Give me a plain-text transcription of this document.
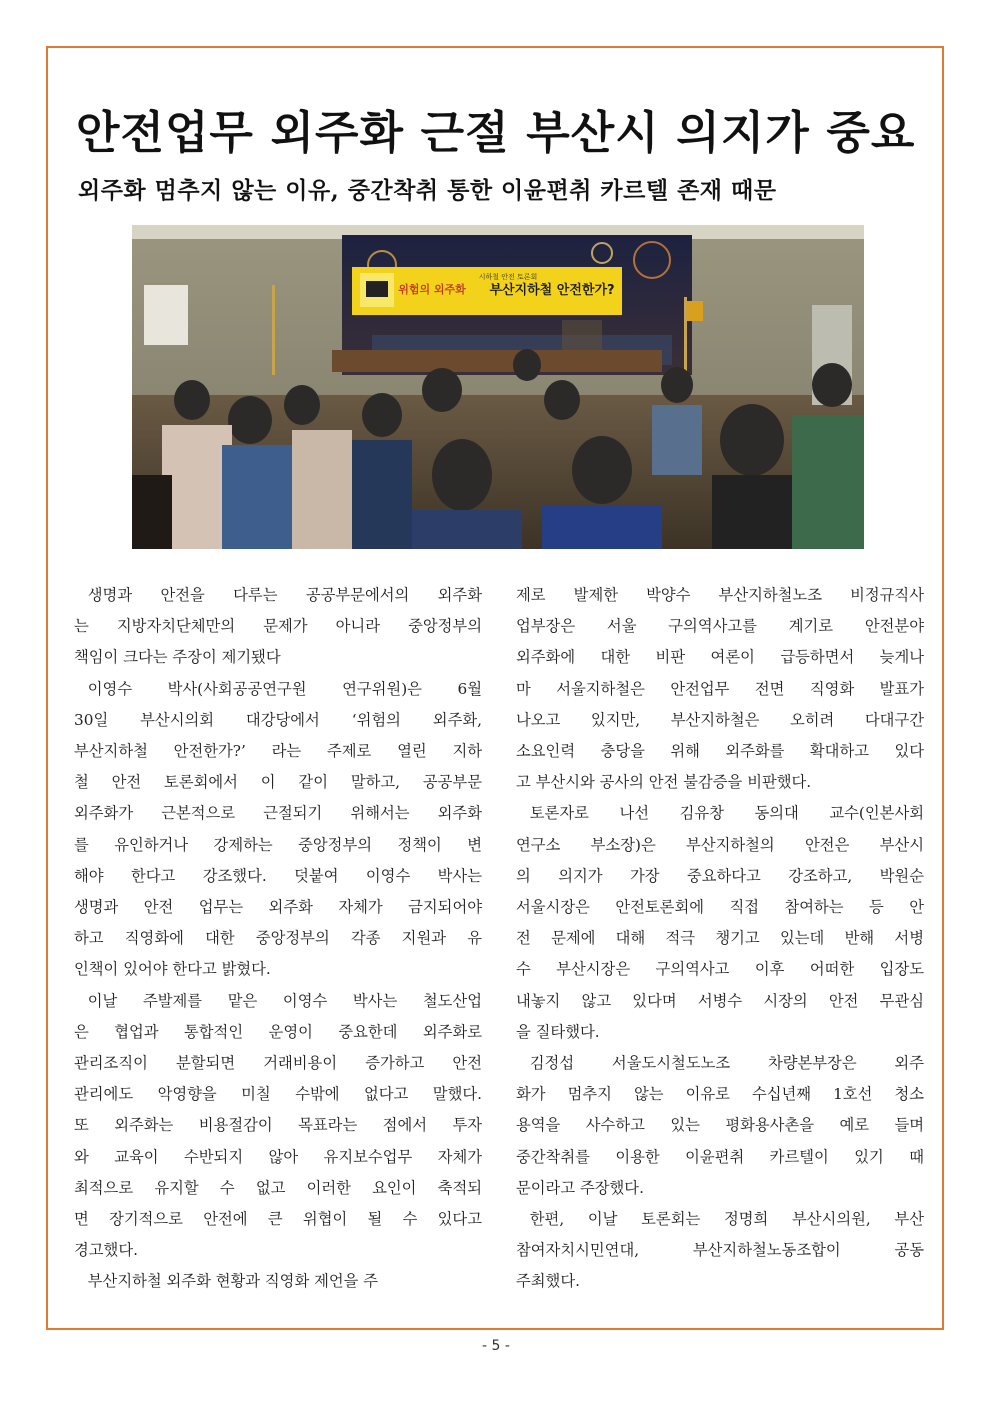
안전업무 외주화 근절 부산시 의지가 중요
외주화 멈추지 않는 이유, 중간착취 통한 이윤편취 카르텔 존재 때문
시하철 안전 토론회
위험의 외주화 부산지하철 안전한가?
생명과 안전을 다루는 공공부문에서의 외주화
는 지방자치단체만의 문제가 아니라 중앙정부의
책임이 크다는 주장이 제기됐다
이영수 박사(사회공공연구원 연구위원)은 6월
30일 부산시의회 대강당에서 ‘위험의 외주화,
부산지하철 안전한가?’ 라는 주제로 열린 지하
철 안전 토론회에서 이 같이 말하고, 공공부문
외주화가 근본적으로 근절되기 위해서는 외주화
를 유인하거나 강제하는 중앙정부의 정책이 변
해야 한다고 강조했다. 덧붙여 이영수 박사는
생명과 안전 업무는 외주화 자체가 금지되어야
하고 직영화에 대한 중앙정부의 각종 지원과 유
인책이 있어야 한다고 밝혔다.
이날 주발제를 맡은 이영수 박사는 철도산업
은 협업과 통합적인 운영이 중요한데 외주화로
관리조직이 분할되면 거래비용이 증가하고 안전
관리에도 악영향을 미칠 수밖에 없다고 말했다.
또 외주화는 비용절감이 목표라는 점에서 투자
와 교육이 수반되지 않아 유지보수업무 자체가
최적으로 유지할 수 없고 이러한 요인이 축적되
면 장기적으로 안전에 큰 위협이 될 수 있다고
경고했다.
부산지하철 외주화 현황과 직영화 제언을 주
제로 발제한 박양수 부산지하철노조 비정규직사
업부장은 서울 구의역사고를 계기로 안전분야
외주화에 대한 비판 여론이 급등하면서 늦게나
마 서울지하철은 안전업무 전면 직영화 발표가
나오고 있지만, 부산지하철은 오히려 다대구간
소요인력 충당을 위해 외주화를 확대하고 있다
고 부산시와 공사의 안전 불감증을 비판했다.
토론자로 나선 김유창 동의대 교수(인본사회
연구소 부소장)은 부산지하철의 안전은 부산시
의 의지가 가장 중요하다고 강조하고, 박원순
서울시장은 안전토론회에 직접 참여하는 등 안
전 문제에 대해 적극 챙기고 있는데 반해 서병
수 부산시장은 구의역사고 이후 어떠한 입장도
내놓지 않고 있다며 서병수 시장의 안전 무관심
을 질타했다.
김정섭 서울도시철도노조 차량본부장은 외주
화가 멈추지 않는 이유로 수십년째 1호선 청소
용역을 사수하고 있는 평화용사촌을 예로 들며
중간착취를 이용한 이윤편취 카르텔이 있기 때
문이라고 주장했다.
한편, 이날 토론회는 정명희 부산시의원, 부산
참여자치시민연대, 부산지하철노동조합이 공동
주최했다.
- 5 -
